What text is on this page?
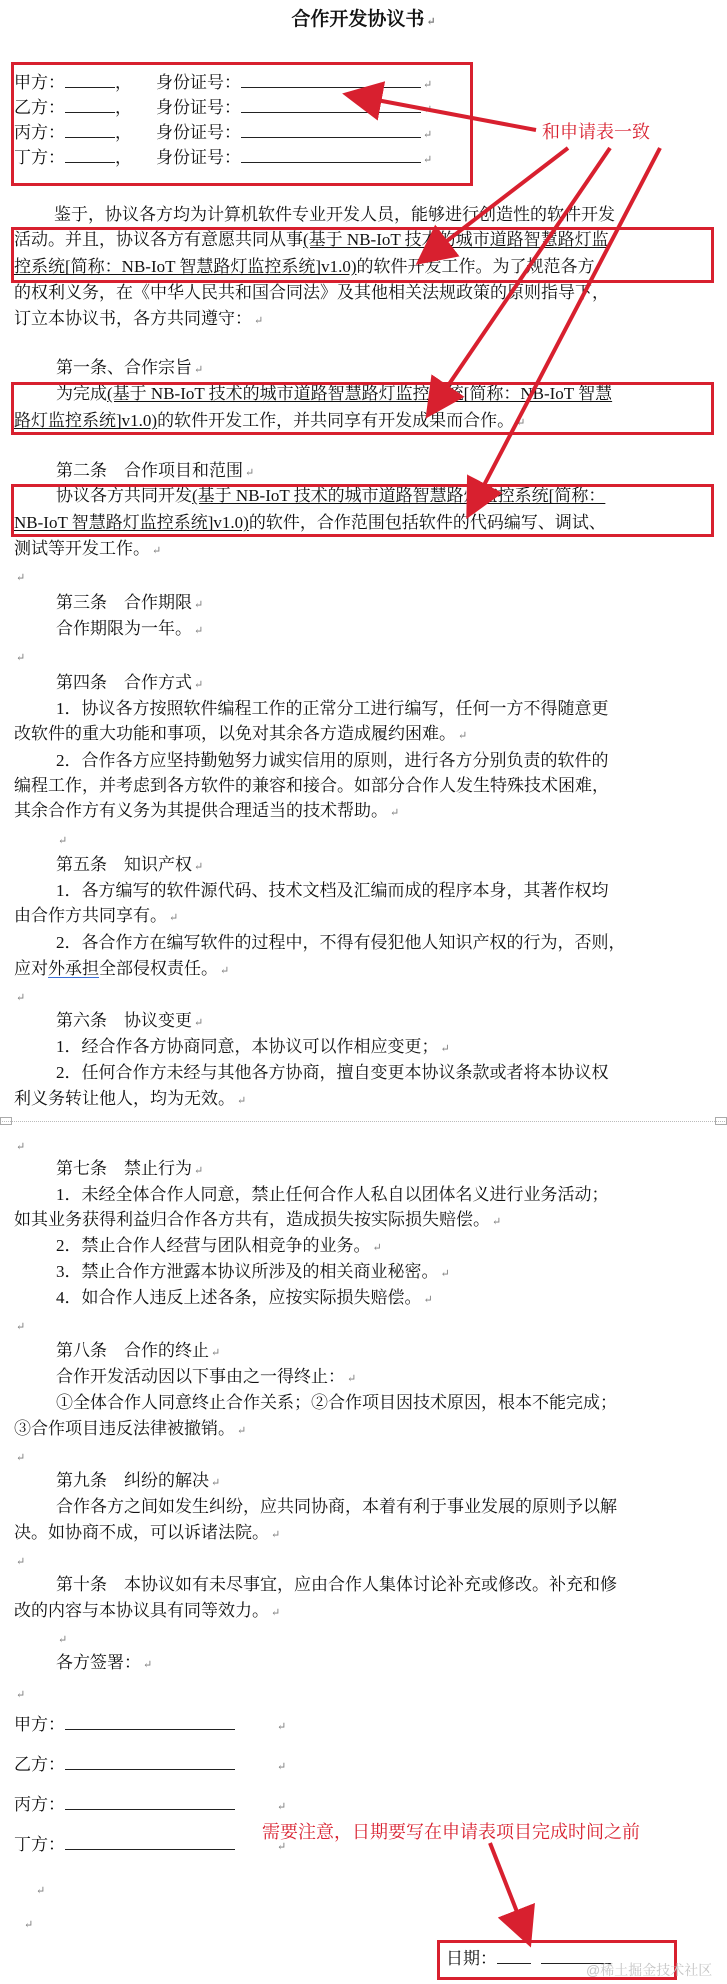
合作开发协议书 ↵
甲方：	， 身份证号：	↵
乙方：	， 身份证号：	↵
丙方：	， 身份证号：	↵
丁方：	， 身份证号：	↵
鉴于，协议各方均为计算机软件专业开发人员，能够进行创造性的软件开发
活动。并且，协议各方有意愿共同从事(基于 NB-IoT 技术的城市道路智慧路灯监
控系统[简称：NB-IoT 智慧路灯监控系统]v1.0)的软件开发工作。为了规范各方
的权利义务，在《中华人民共和国合同法》及其他相关法规政策的原则指导下，
订立本协议书，各方共同遵守： ↵
第一条、合作宗旨 ↵
为完成(基于 NB-IoT 技术的城市道路智慧路灯监控系统[简称：NB-IoT 智慧
路灯监控系统]v1.0)的软件开发工作，并共同享有开发成果而合作。 ↵
第二条　合作项目和范围 ↵
协议各方共同开发(基于 NB-IoT 技术的城市道路智慧路灯监控系统[简称：
NB-IoT 智慧路灯监控系统]v1.0)的软件，合作范围包括软件的代码编写、调试、
测试等开发工作。 ↵
↵
第三条　合作期限 ↵
合作期限为一年。 ↵
↵
第四条　合作方式 ↵
1．协议各方按照软件编程工作的正常分工进行编写，任何一方不得随意更
改软件的重大功能和事项，以免对其余各方造成履约困难。 ↵
2．合作各方应坚持勤勉努力诚实信用的原则，进行各方分别负责的软件的
编程工作，并考虑到各方软件的兼容和接合。如部分合作人发生特殊技术困难，
其余合作方有义务为其提供合理适当的技术帮助。 ↵
↵
第五条　知识产权 ↵
1．各方编写的软件源代码、技术文档及汇编而成的程序本身，其著作权均
由合作方共同享有。 ↵
2．各合作方在编写软件的过程中，不得有侵犯他人知识产权的行为，否则，
应对外承担全部侵权责任。 ↵
↵
第六条　协议变更 ↵
1．经合作各方协商同意，本协议可以作相应变更； ↵
2．任何合作方未经与其他各方协商，擅自变更本协议条款或者将本协议权
利义务转让他人，均为无效。 ↵
↵
第七条　禁止行为 ↵
1．未经全体合作人同意，禁止任何合作人私自以团体名义进行业务活动；
如其业务获得利益归合作各方共有，造成损失按实际损失赔偿。 ↵
2．禁止合作人经营与团队相竞争的业务。 ↵
3．禁止合作方泄露本协议所涉及的相关商业秘密。 ↵
4．如合作人违反上述各条，应按实际损失赔偿。 ↵
↵
第八条　合作的终止 ↵
合作开发活动因以下事由之一得终止： ↵
①全体合作人同意终止合作关系；②合作项目因技术原因，根本不能完成；
③合作项目违反法律被撤销。 ↵
↵
第九条　纠纷的解决 ↵
合作各方之间如发生纠纷，应共同协商，本着有利于事业发展的原则予以解
决。如协商不成，可以诉诸法院。 ↵
↵
第十条　本协议如有未尽事宜，应由合作人集体讨论补充或修改。补充和修
改的内容与本协议具有同等效力。 ↵
↵
各方签署： ↵
↵
甲方：	↵
乙方：	↵
丙方：	↵
丁方：	↵
↵
↵
日期：
和申请表一致
需要注意，日期要写在申请表项目完成时间之前
@稀土掘金技术社区
